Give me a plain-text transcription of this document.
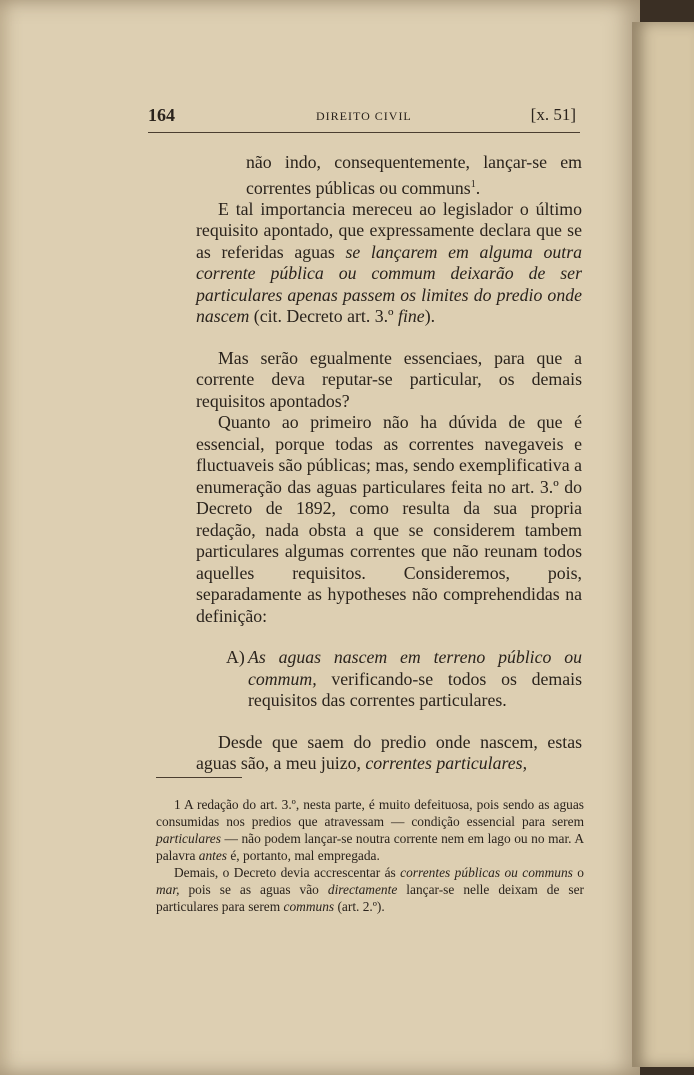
164	DIREITO CIVIL	[x. 51]

não indo, consequentemente, lançar-se em correntes públicas ou communs$^1$.

E tal importancia mereceu ao legislador o último requisito apontado, que expressamente declara que se as referidas aguas se lançarem em alguma outra corrente pública ou commum deixarão de ser particulares apenas passem os limites do predio onde nascem (cit. Decreto art. 3.º fine).

Mas serão egualmente essenciaes, para que a corrente deva reputar-se particular, os demais requisitos apontados?

Quanto ao primeiro não ha dúvida de que é essencial, porque todas as correntes navegaveis e fluctuaveis são públicas; mas, sendo exemplificativa a enumeração das aguas particulares feita no art. 3.º do Decreto de 1892, como resulta da sua propria redação, nada obsta a que se considerem tambem particulares algumas correntes que não reunam todos aquelles requisitos. Consideremos, pois, separadamente as hypotheses não comprehendidas na definição:

A) As aguas nascem em terreno público ou commum, verificando-se todos os demais requisitos das correntes particulares.

Desde que saem do predio onde nascem, estas aguas são, a meu juizo, correntes particulares,

1 A redação do art. 3.º, nesta parte, é muito defeituosa, pois sendo as aguas consumidas nos predios que atravessam — condição essencial para serem particulares — não podem lançar-se noutra corrente nem em lago ou no mar. A palavra antes é, portanto, mal empregada.

Demais, o Decreto devia accrescentar ás correntes públicas ou communs o mar, pois se as aguas vão directamente lançar-se nelle deixam de ser particulares para serem communs (art. 2.º).
